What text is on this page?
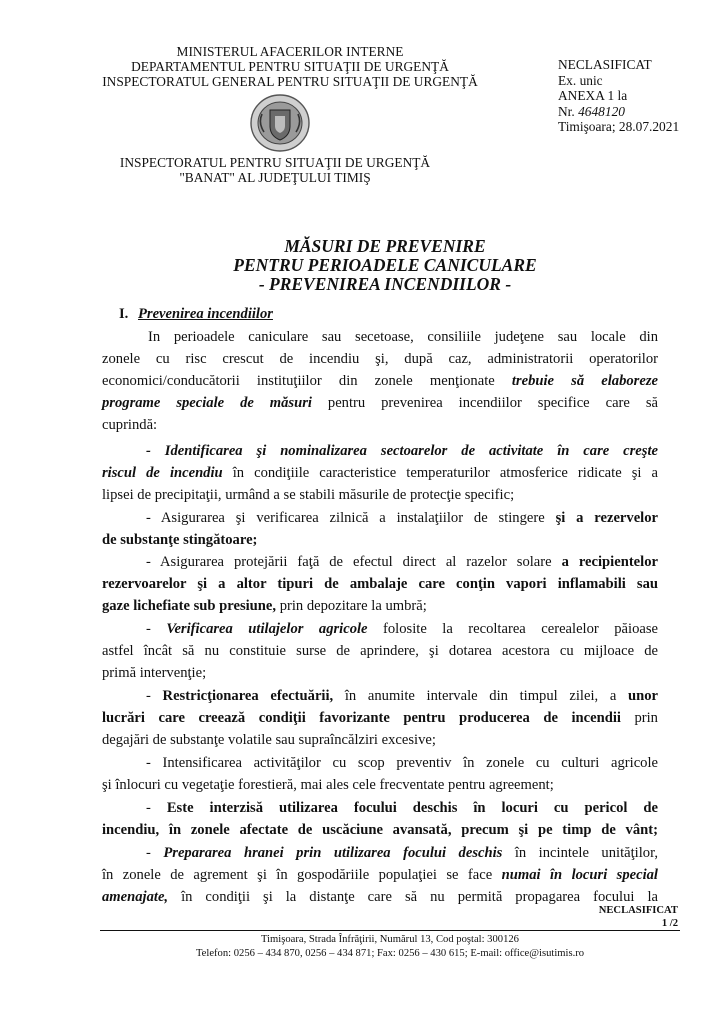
MINISTERUL AFACERILOR INTERNE
DEPARTAMENTUL PENTRU SITUAŢII DE URGENŢĂ
INSPECTORATUL GENERAL PENTRU SITUAŢII DE URGENŢĂ
NECLASIFICAT
Ex. unic
ANEXA 1 la
Nr. 4648120
Timişoara; 28.07.2021
INSPECTORATUL PENTRU SITUAŢII DE URGENŢĂ
"BANAT" AL JUDEŢULUI TIMIŞ
MĂSURI DE PREVENIRE
PENTRU PERIOADELE CANICULARE
- PREVENIREA INCENDIILOR -
I. Prevenirea incendiilor
In perioadele caniculare sau secetoase, consiliile judeţene sau locale din
zonele cu risc crescut de incendiu şi, după caz, administratorii operatorilor
economici/conducătorii instituţiilor din zonele menţionate trebuie să elaboreze
programe speciale de măsuri pentru prevenirea incendiilor specifice care să
cuprindă:
- Identificarea şi nominalizarea sectoarelor de activitate în care creşte
riscul de incendiu în condiţiile caracteristice temperaturilor atmosferice ridicate şi a
lipsei de precipitaţii, urmând a se stabili măsurile de protecţie specific;
- Asigurarea şi verificarea zilnică a instalaţiilor de stingere şi a rezervelor
de substanţe stingătoare;
- Asigurarea protejării faţă de efectul direct al razelor solare a recipientelor
rezervoarelor şi a altor tipuri de ambalaje care conţin vapori inflamabili sau
gaze lichefiate sub presiune, prin depozitare la umbră;
- Verificarea utilajelor agricole folosite la recoltarea cerealelor păioase
astfel încât să nu constituie surse de aprindere, şi dotarea acestora cu mijloace de
primă intervenţie;
- Restricţionarea efectuării, în anumite intervale din timpul zilei, a unor
lucrări care creează condiţii favorizante pentru producerea de incendii prin
degajări de substanţe volatile sau supraîncălziri excesive;
- Intensificarea activităţilor cu scop preventiv în zonele cu culturi agricole
şi înlocuri cu vegetaţie forestieră, mai ales cele frecventate pentru agreement;
- Este interzisă utilizarea focului deschis în locuri cu pericol de
incendiu, în zonele afectate de uscăciune avansată, precum şi pe timp de vânt;
- Prepararea hranei prin utilizarea focului deschis în incintele unităţilor,
în zonele de agrement şi în gospodăriile populaţiei se face numai în locuri special
amenajate, în condiţii şi la distanţe care să nu permită propagarea focului la
NECLASIFICAT
1 /2
Timişoara, Strada Înfrăţirii, Numărul 13, Cod poştal: 300126
Telefon: 0256 – 434 870, 0256 – 434 871; Fax: 0256 – 430 615; E-mail: office@isutimis.ro
